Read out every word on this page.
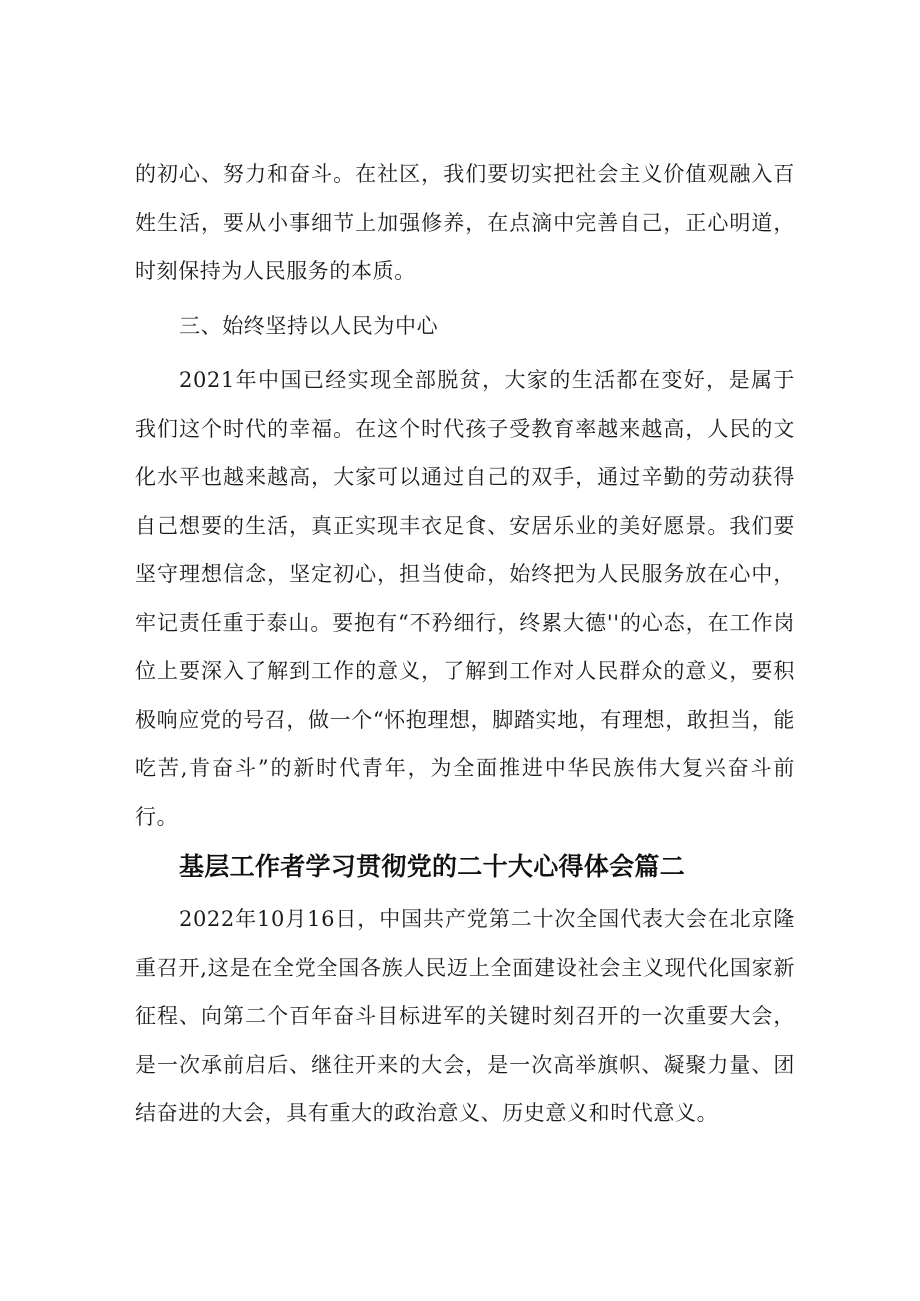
的初心、努力和奋斗。在社区，我们要切实把社会主义价值观融入百姓生活，要从小事细节上加强修养，在点滴中完善自己，正心明道，时刻保持为人民服务的本质。

三、始终坚持以人民为中心

2021年中国已经实现全部脱贫，大家的生活都在变好，是属于我们这个时代的幸福。在这个时代孩子受教育率越来越高，人民的文化水平也越来越高，大家可以通过自己的双手，通过辛勤的劳动获得自己想要的生活，真正实现丰衣足食、安居乐业的美好愿景。我们要坚守理想信念，坚定初心，担当使命，始终把为人民服务放在心中，牢记责任重于泰山。要抱有“不矜细行，终累大德''的心态，在工作岗位上要深入了解到工作的意义，了解到工作对人民群众的意义，要积极响应党的号召，做一个“怀抱理想，脚踏实地，有理想，敢担当，能吃苦,肯奋斗”的新时代青年，为全面推进中华民族伟大复兴奋斗前行。

基层工作者学习贯彻党的二十大心得体会篇二

2022年10月16日，中国共产党第二十次全国代表大会在北京隆重召开,这是在全党全国各族人民迈上全面建设社会主义现代化国家新征程、向第二个百年奋斗目标进军的关键时刻召开的一次重要大会，是一次承前启后、继往开来的大会，是一次高举旗帜、凝聚力量、团结奋进的大会，具有重大的政治意义、历史意义和时代意义。
